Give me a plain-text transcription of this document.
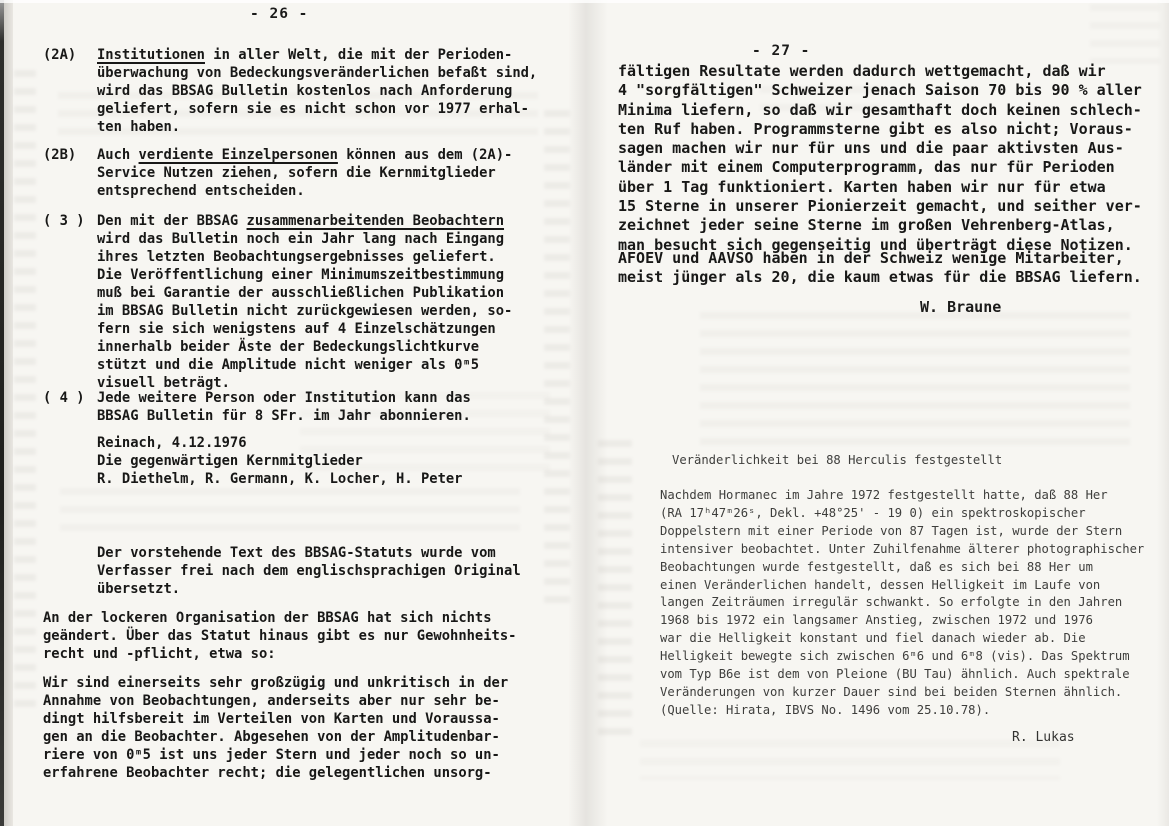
- 26 -
- 27 -
(2A) Institutionen in aller Welt, die mit der Perioden-
überwachung von Bedeckungsveränderlichen befaßt sind,
wird das BBSAG Bulletin kostenlos nach Anforderung
geliefert, sofern sie es nicht schon vor 1977 erhal-
ten haben.
(2B) Auch verdiente Einzelpersonen können aus dem (2A)-
Service Nutzen ziehen, sofern die Kernmitglieder
entsprechend entscheiden.
( 3 ) Den mit der BBSAG zusammenarbeitenden Beobachtern
wird das Bulletin noch ein Jahr lang nach Eingang
ihres letzten Beobachtungsergebnisses geliefert.
Die Veröffentlichung einer Minimumszeitbestimmung
muß bei Garantie der ausschließlichen Publikation
im BBSAG Bulletin nicht zurückgewiesen werden, so-
fern sie sich wenigstens auf 4 Einzelschätzungen
innerhalb beider Äste der Bedeckungslichtkurve
stützt und die Amplitude nicht weniger als 0ᵐ5
visuell beträgt.
( 4 ) Jede weitere Person oder Institution kann das
BBSAG Bulletin für 8 SFr. im Jahr abonnieren.
Reinach, 4.12.1976
Die gegenwärtigen Kernmitglieder
R. Diethelm, R. Germann, K. Locher, H. Peter
Der vorstehende Text des BBSAG-Statuts wurde vom
Verfasser frei nach dem englischsprachigen Original
übersetzt.
An der lockeren Organisation der BBSAG hat sich nichts
geändert. Über das Statut hinaus gibt es nur Gewohnheits-
recht und -pflicht, etwa so:
Wir sind einerseits sehr großzügig und unkritisch in der
Annahme von Beobachtungen, anderseits aber nur sehr be-
dingt hilfsbereit im Verteilen von Karten und Voraussa-
gen an die Beobachter. Abgesehen von der Amplitudenbar-
riere von 0ᵐ5 ist uns jeder Stern und jeder noch so un-
erfahrene Beobachter recht; die gelegentlichen unsorg-
fältigen Resultate werden dadurch wettgemacht, daß wir
4 "sorgfältigen" Schweizer jenach Saison 70 bis 90 % aller
Minima liefern, so daß wir gesamthaft doch keinen schlech-
ten Ruf haben. Programmsterne gibt es also nicht; Voraus-
sagen machen wir nur für uns und die paar aktivsten Aus-
länder mit einem Computerprogramm, das nur für Perioden
über 1 Tag funktioniert. Karten haben wir nur für etwa
15 Sterne in unserer Pionierzeit gemacht, und seither ver-
zeichnet jeder seine Sterne im großen Vehrenberg-Atlas,
man besucht sich gegenseitig und überträgt diese Notizen.
AFOEV und AAVSO haben in der Schweiz wenige Mitarbeiter,
meist jünger als 20, die kaum etwas für die BBSAG liefern.
Veränderlichkeit bei 88 Herculis festgestellt
Nachdem Hormanec im Jahre 1972 festgestellt hatte, daß 88 Her
(RA 17ʰ47ᵐ26ˢ, Dekl. +48°25' - 19 0) ein spektroskopischer
Doppelstern mit einer Periode von 87 Tagen ist, wurde der Stern
intensiver beobachtet. Unter Zuhilfenahme älterer photographischer
Beobachtungen wurde festgestellt, daß es sich bei 88 Her um
einen Veränderlichen handelt, dessen Helligkeit im Laufe von
langen Zeiträumen irregulär schwankt. So erfolgte in den Jahren
1968 bis 1972 ein langsamer Anstieg, zwischen 1972 und 1976
war die Helligkeit konstant und fiel danach wieder ab. Die
Helligkeit bewegte sich zwischen 6ᵐ6 und 6ᵐ8 (vis). Das Spektrum
vom Typ B6e ist dem von Pleione (BU Tau) ähnlich. Auch spektrale
Veränderungen von kurzer Dauer sind bei beiden Sternen ähnlich.
(Quelle: Hirata, IBVS No. 1496 vom 25.10.78).
W. Braune
R. Lukas
